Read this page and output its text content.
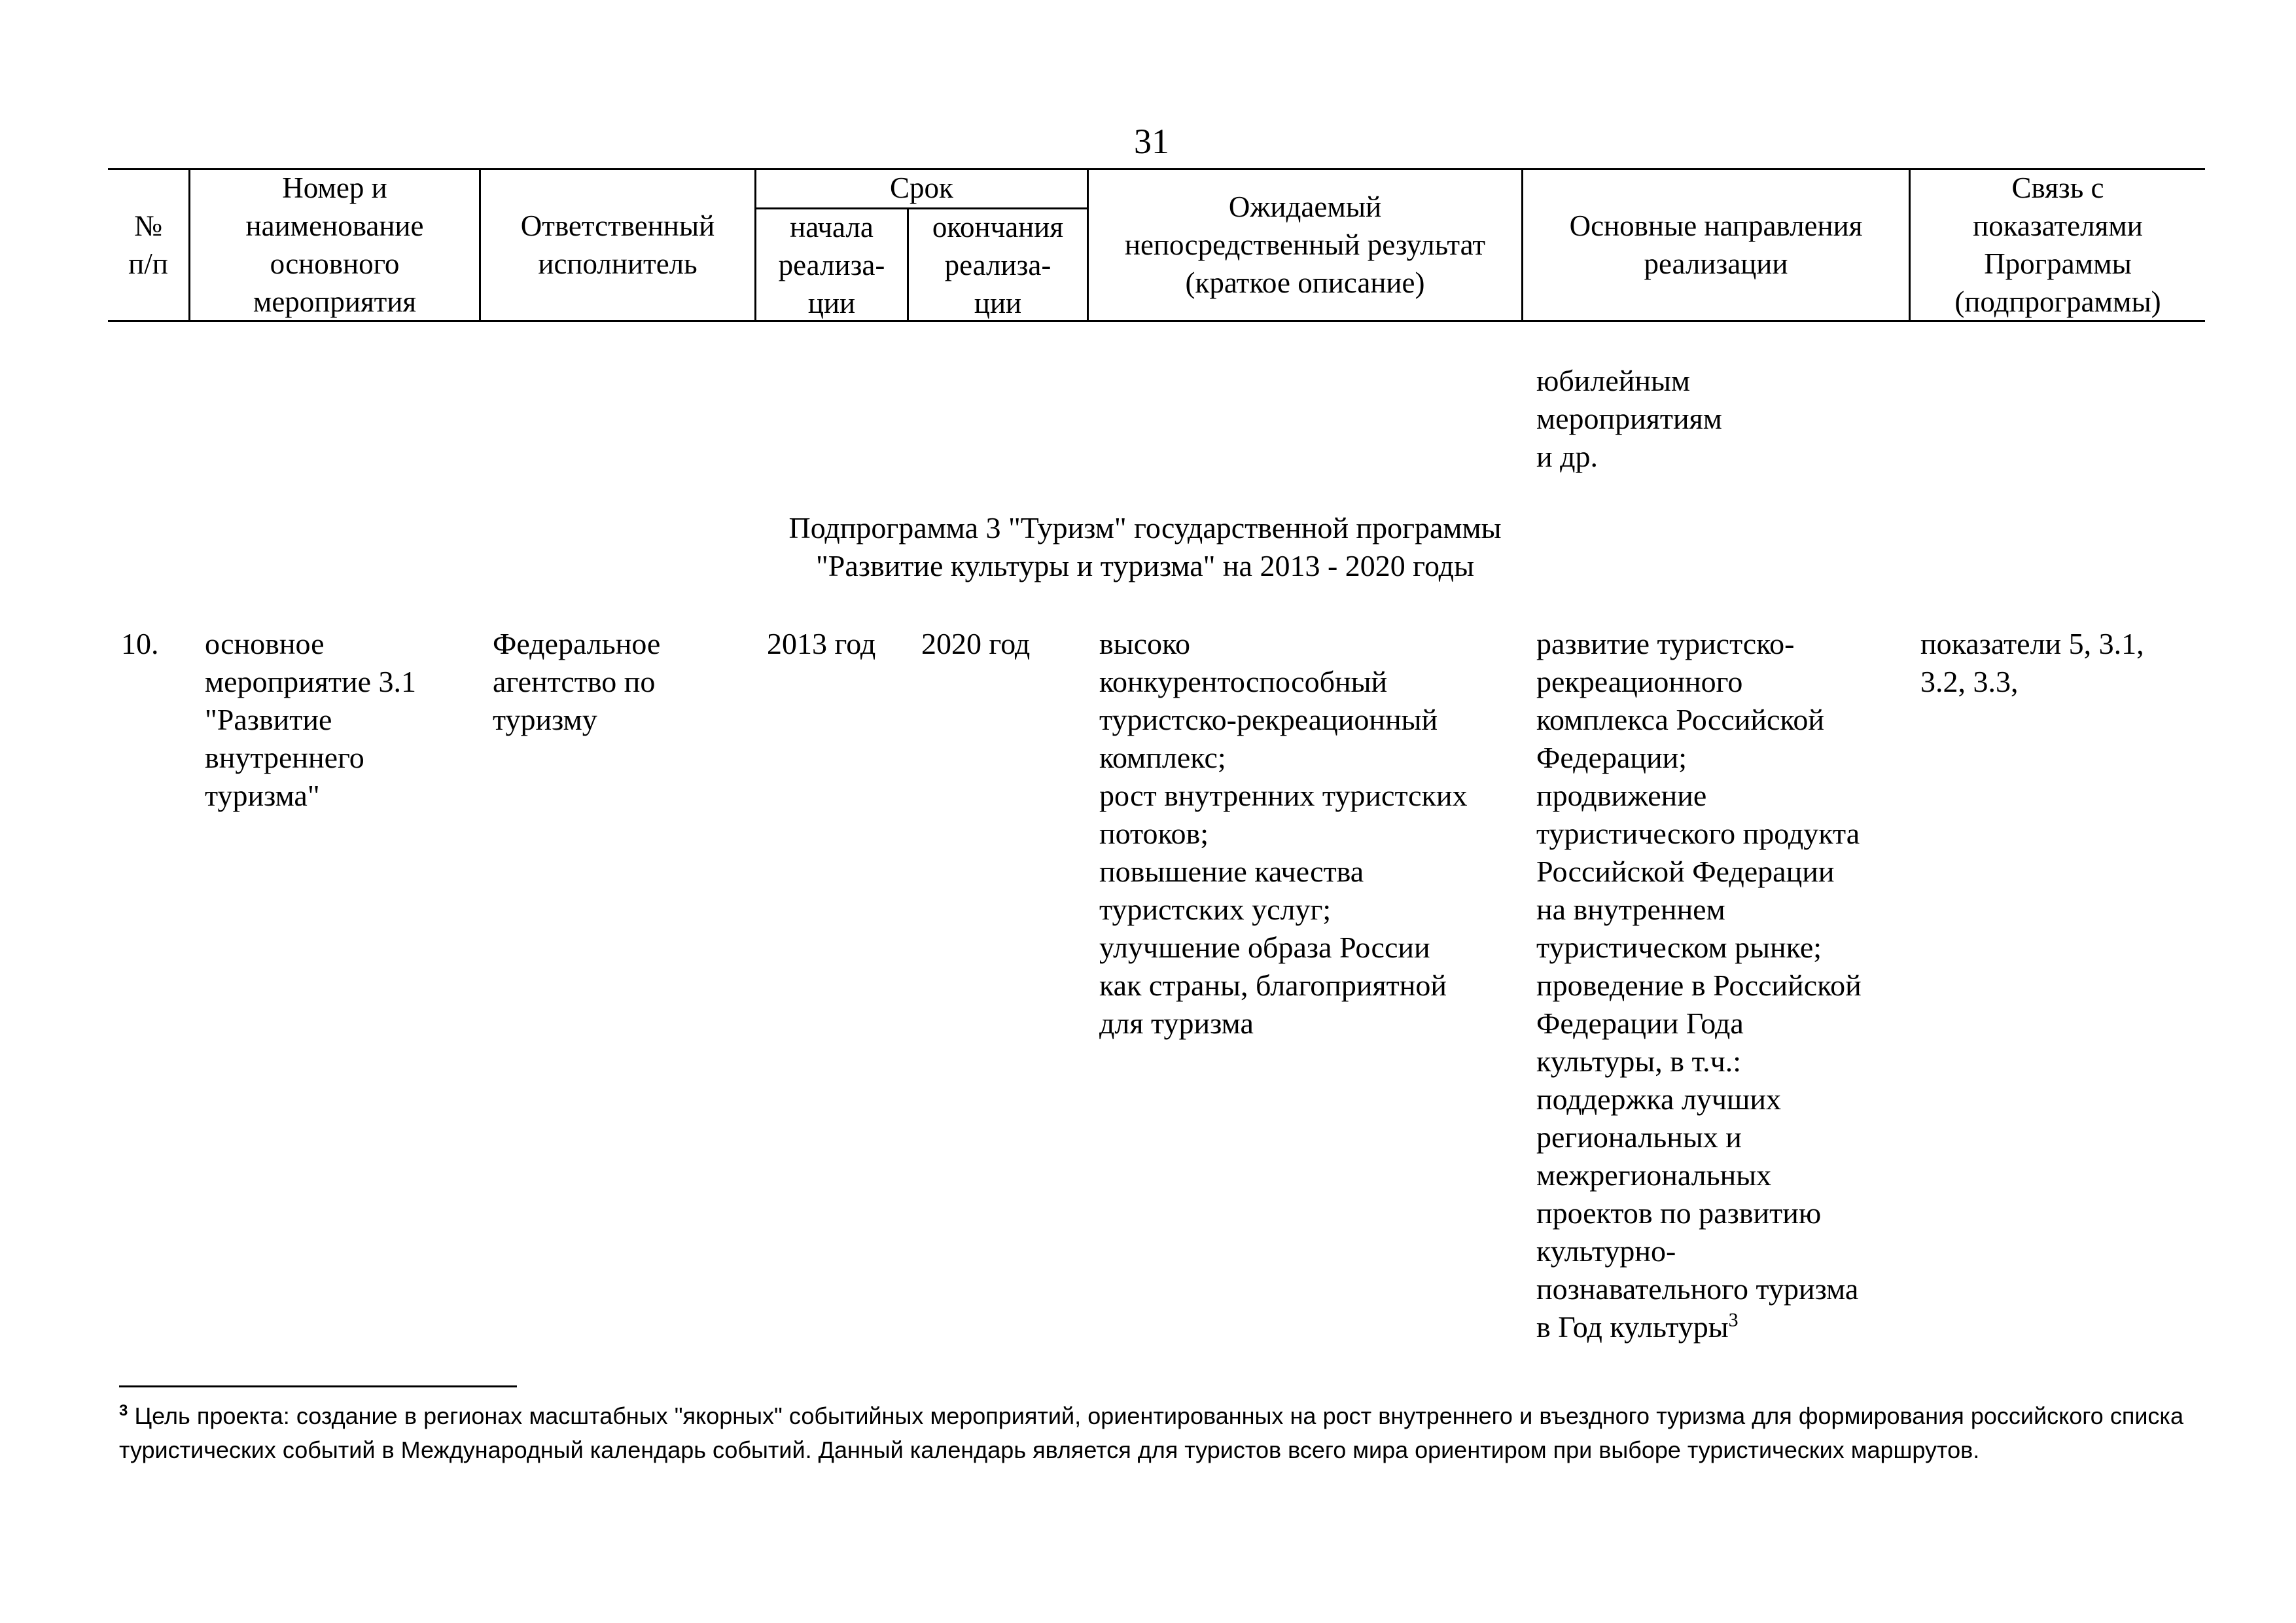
31
№
п/п
Номер и
наименование
основного
мероприятия
Ответственный
исполнитель
Срок
начала
реализа-
ции
окончания
реализа-
ции
Ожидаемый
непосредственный результат
(краткое описание)
Основные направления
реализации
Связь с
показателями
Программы
(подпрограммы)
юбилейным
мероприятиям
и др.
Подпрограмма 3 "Туризм" государственной программы
"Развитие культуры и туризма" на 2013 - 2020 годы
10. основное
мероприятие 3.1
"Развитие
внутреннего
туризма"
Федеральное
агентство по
туризму
2013 год 2020 год высоко
конкурентоспособный
туристско-рекреационный
комплекс;
рост внутренних туристских
потоков;
повышение качества
туристских услуг;
улучшение образа России
как страны, благоприятной
для туризма
развитие туристско-
рекреационного
комплекса Российской
Федерации;
продвижение
туристического продукта
Российской Федерации
на внутреннем
туристическом рынке;
проведение в Российской
Федерации Года
культуры, в т.ч.:
поддержка лучших
региональных и
межрегиональных
проектов по развитию
культурно-
познавательного туризма
в Год культуры$^3$
показатели 5, 3.1,
3.2, 3.3,
$^3$ Цель проекта: создание в регионах масштабных "якорных" событийных мероприятий, ориентированных на рост внутреннего и въездного туризма для формирования российского списка туристических событий в Международный календарь событий. Данный календарь является для туристов всего мира ориентиром при выборе туристических маршрутов.
